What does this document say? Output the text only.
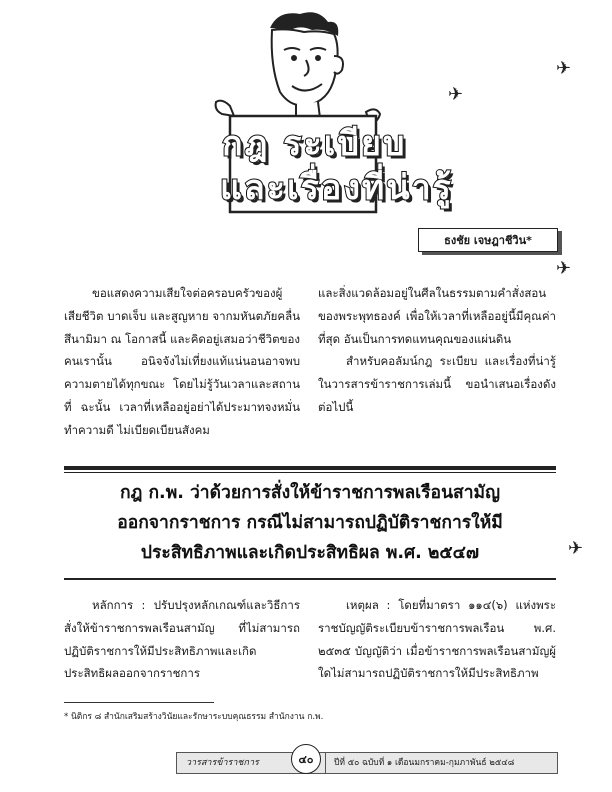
กฎ ระเบียบ
และเรื่องที่น่ารู้
✈
✈
✈
✈
ธงชัย เจษฎาชีวิน*

ขอแสดงความเสียใจต่อครอบครัวของผู้เสียชีวิต บาดเจ็บ และสูญหาย จากมหันตภัยคลื่นสึนามิมา ณ โอกาสนี้ และคิดอยู่เสมอว่าชีวิตของคนเรานั้น อนิจจังไม่เที่ยงแท้แน่นอนอาจพบความตายได้ทุกขณะ โดยไม่รู้วันเวลาและสถานที่ ฉะนั้น เวลาที่เหลืออยู่อย่าได้ประมาทจงหมั่นทำความดี ไม่เบียดเบียนสังคม

และสิ่งแวดล้อมอยู่ในศีลในธรรมตามคำสั่งสอนของพระพุทธองค์ เพื่อให้เวลาที่เหลืออยู่นี้มีคุณค่าที่สุด อันเป็นการทดแทนคุณของแผ่นดิน

สำหรับคอลัมน์กฎ ระเบียบ และเรื่องที่น่ารู้ในวารสารข้าราชการเล่มนี้ ขอนำเสนอเรื่องดังต่อไปนี้

กฎ ก.พ. ว่าด้วยการสั่งให้ข้าราชการพลเรือนสามัญ
ออกจากราชการ กรณีไม่สามารถปฏิบัติราชการให้มี
ประสิทธิภาพและเกิดประสิทธิผล พ.ศ. ๒๕๔๗

หลักการ : ปรับปรุงหลักเกณฑ์และวิธีการสั่งให้ข้าราชการพลเรือนสามัญ ที่ไม่สามารถปฏิบัติราชการให้มีประสิทธิภาพและเกิดประสิทธิผลออกจากราชการ

เหตุผล : โดยที่มาตรา ๑๑๔(๖) แห่งพระราชบัญญัติระเบียบข้าราชการพลเรือน พ.ศ. ๒๕๓๕ บัญญัติว่า เมื่อข้าราชการพลเรือนสามัญผู้ใดไม่สามารถปฏิบัติราชการให้มีประสิทธิภาพ

* นิติกร ๘ สำนักเสริมสร้างวินัยและรักษาระบบคุณธรรม สำนักงาน ก.พ.
วารสารข้าราชการ	๔๐	ปีที่ ๕๐ ฉบับที่ ๑ เดือนมกราคม-กุมภาพันธ์ ๒๕๔๘
